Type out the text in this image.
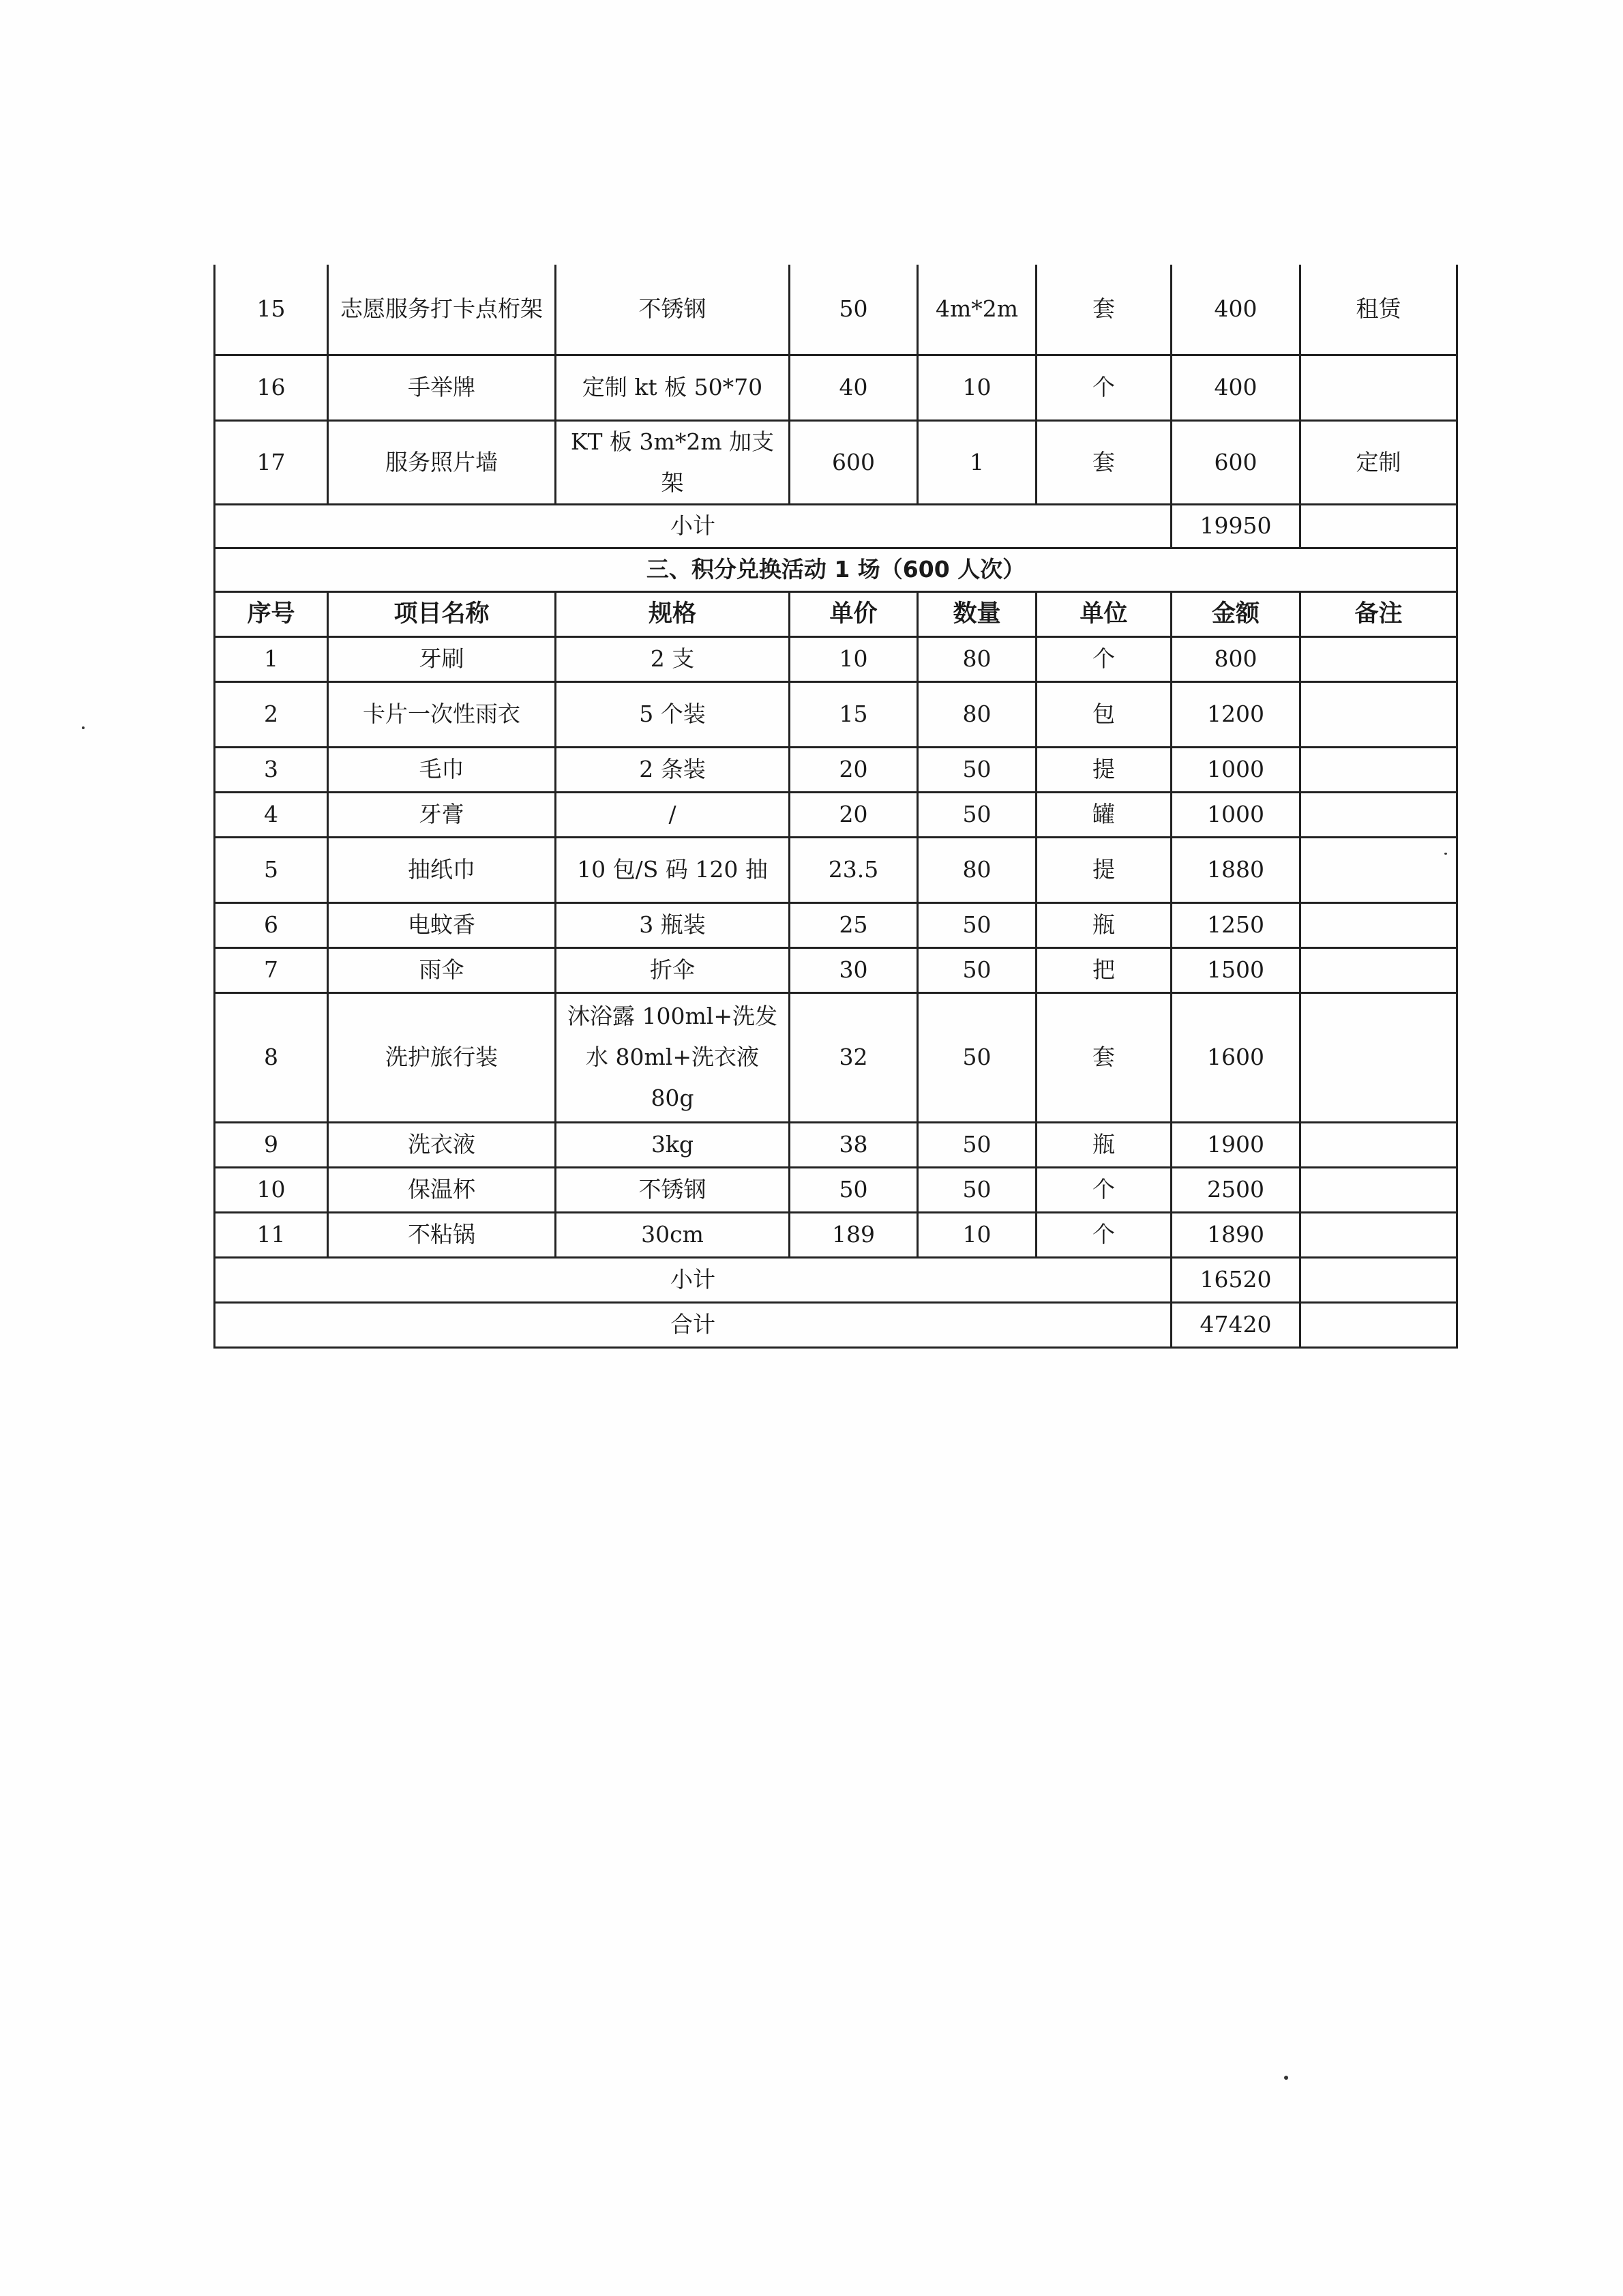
15	志愿服务打卡点桁架	不锈钢	50	4m*2m	套	400	租赁
16	手举牌	定制 kt 板 50*70	40	10	个	400	
17	服务照片墙	KT 板 3m*2m 加支架	600	1	套	600	定制
小计						19950	
三、积分兑换活动 1 场（600 人次）							
序号	项目名称	规格	单价	数量	单位	金额	备注
1	牙刷	2 支	10	80	个	800	
2	卡片一次性雨衣	5 个装	15	80	包	1200	
3	毛巾	2 条装	20	50	提	1000	
4	牙膏	/	20	50	罐	1000	
5	抽纸巾	10 包/S 码 120 抽	23.5	80	提	1880	
6	电蚊香	3 瓶装	25	50	瓶	1250	
7	雨伞	折伞	30	50	把	1500	
8	洗护旅行装	沐浴露 100ml+洗发水 80ml+洗衣液 80g	32	50	套	1600	
9	洗衣液	3kg	38	50	瓶	1900	
10	保温杯	不锈钢	50	50	个	2500	
11	不粘锅	30cm	189	10	个	1890	
小计						16520	
合计						47420	
